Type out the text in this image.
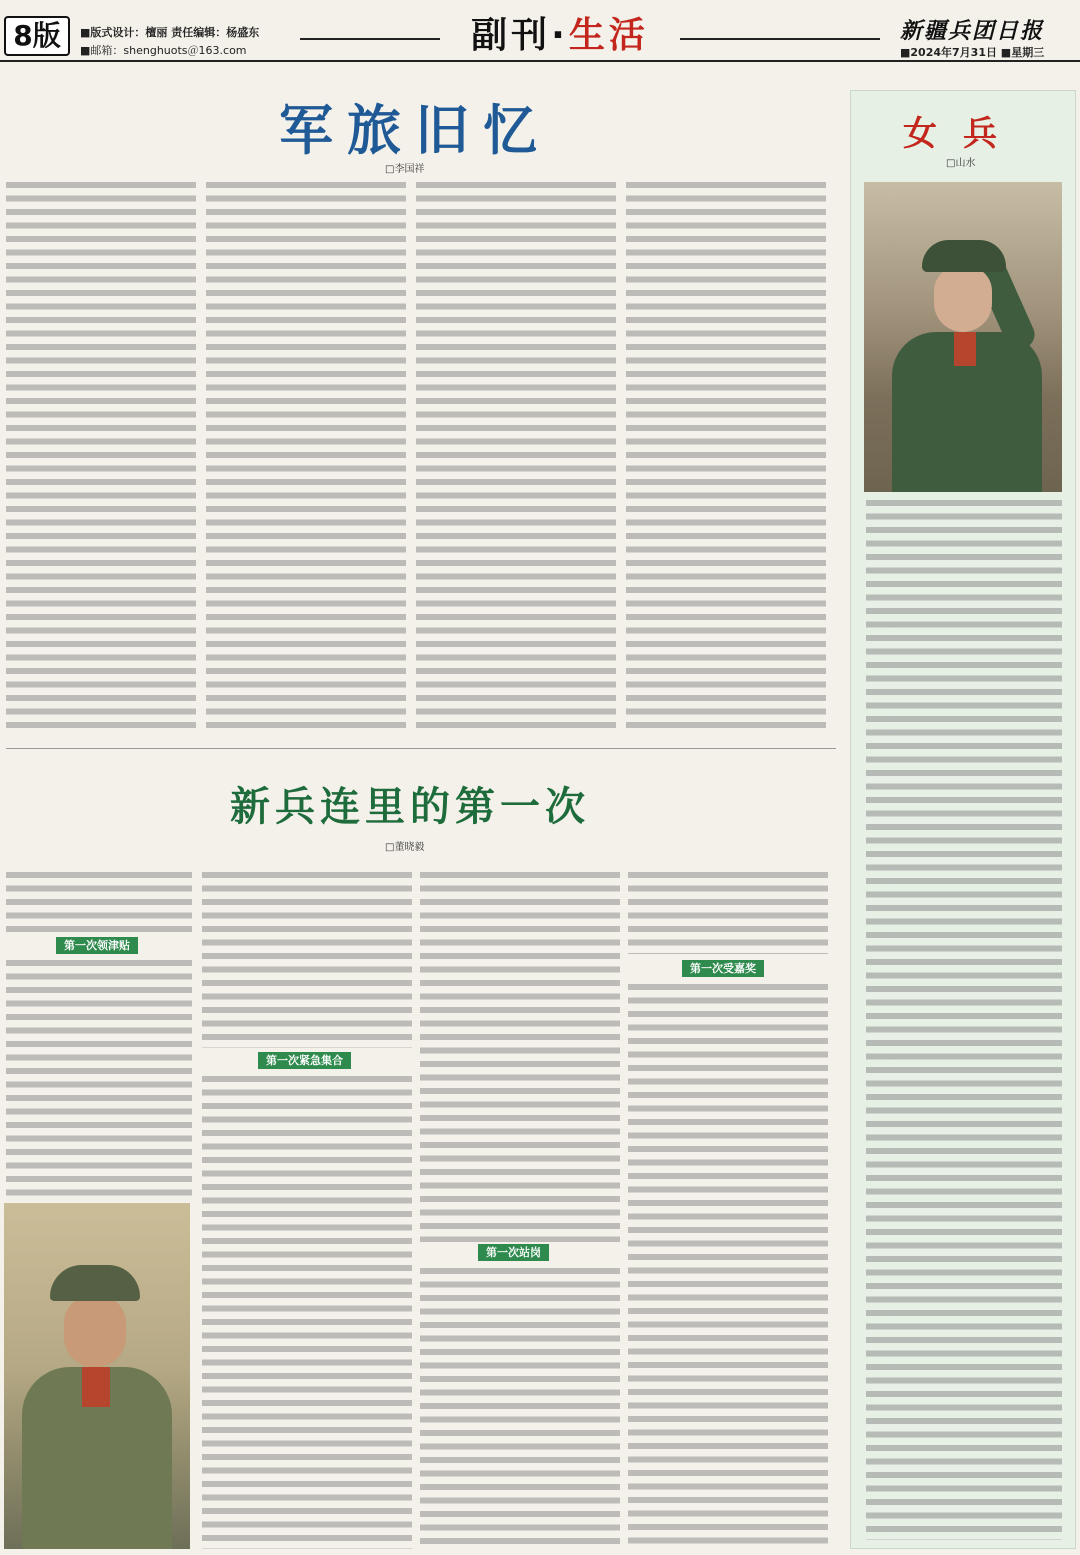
8版	■版式设计：檀丽 责任编辑：杨盛东
■邮箱：shenghuots＠163.com	副刊·生活	新疆兵团日报
■2024年7月31日 ■星期三
军旅旧忆
□李国祥
新兵连里的第一次
□董晓毅
第一次领津贴
第一次紧急集合
第一次站岗
第一次受嘉奖
女兵
□山水
